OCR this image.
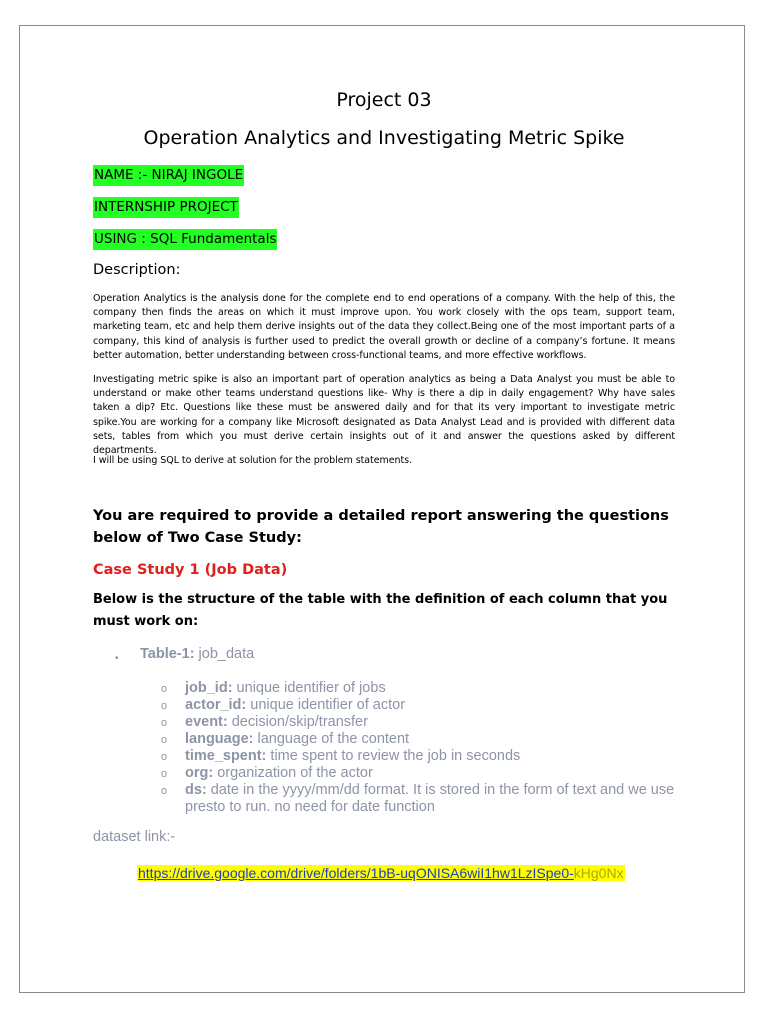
Project 03
Operation Analytics and Investigating Metric Spike
NAME :- NIRAJ INGOLE
INTERNSHIP PROJECT
USING : SQL Fundamentals
Description:
Operation Analytics is the analysis done for the complete end to end operations of a company. With the help of this, the company then finds the areas on which it must improve upon. You work closely with the ops team, support team, marketing team, etc and help them derive insights out of the data they collect.Being one of the most important parts of a company, this kind of analysis is further used to predict the overall growth or decline of a company’s fortune. It means better automation, better understanding between cross-functional teams, and more effective workflows.
Investigating metric spike is also an important part of operation analytics as being a Data Analyst you must be able to understand or make other teams understand questions like- Why is there a dip in daily engagement? Why have sales taken a dip? Etc. Questions like these must be answered daily and for that its very important to investigate metric spike.You are working for a company like Microsoft designated as Data Analyst Lead and is provided with different data sets, tables from which you must derive certain insights out of it and answer the questions asked by different departments.
I will be using SQL to derive at solution for the problem statements.
You are required to provide a detailed report answering the questions below of Two Case Study:
Case Study 1 (Job Data)
Below is the structure of the table with the definition of each column that you must work on:
• Table-1: job_data
o job_id: unique identifier of jobs
o actor_id: unique identifier of actor
o event: decision/skip/transfer
o language: language of the content
o time_spent: time spent to review the job in seconds
o org: organization of the actor
o ds: date in the yyyy/mm/dd format. It is stored in the form of text and we use presto to run. no need for date function
dataset link:-
https://drive.google.com/drive/folders/1bB-uqONISA6wiI1hw1LzISpe0-kHg0Nx
